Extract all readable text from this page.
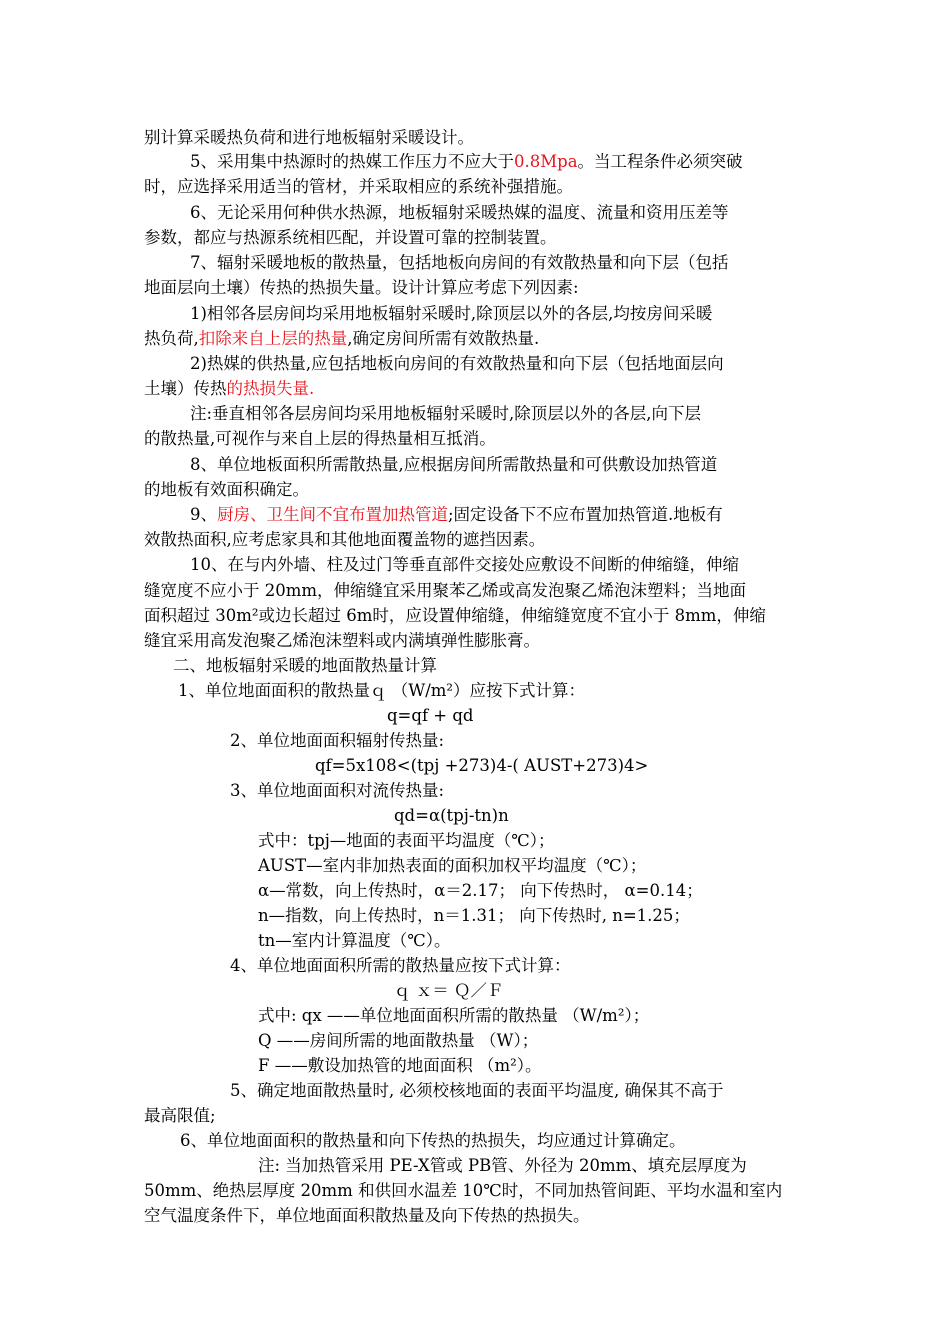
别计算采暖热负荷和进行地板辐射采暖设计。
5、采用集中热源时的热媒工作压力不应大于0.8Mpa。当工程条件必须突破
时，应选择采用适当的管材，并采取相应的系统补强措施。
6、无论采用何种供水热源，地板辐射采暖热媒的温度、流量和资用压差等
参数，都应与热源系统相匹配，并设置可靠的控制装置。
7、辐射采暖地板的散热量，包括地板向房间的有效散热量和向下层（包括
地面层向土壤）传热的热损失量。设计计算应考虑下列因素:
1)相邻各层房间均采用地板辐射采暖时,除顶层以外的各层,均按房间采暖
热负荷,扣除来自上层的热量,确定房间所需有效散热量.
2)热媒的供热量,应包括地板向房间的有效散热量和向下层（包括地面层向
土壤）传热的热损失量.
注:垂直相邻各层房间均采用地板辐射采暖时,除顶层以外的各层,向下层
的散热量,可视作与来自上层的得热量相互抵消。
8、单位地板面积所需散热量,应根据房间所需散热量和可供敷设加热管道
的地板有效面积确定。
9、厨房、卫生间不宜布置加热管道;固定设备下不应布置加热管道.地板有
效散热面积,应考虑家具和其他地面覆盖物的遮挡因素。
10、在与内外墙、柱及过门等垂直部件交接处应敷设不间断的伸缩缝，伸缩
缝宽度不应小于 20mm，伸缩缝宜采用聚苯乙烯或高发泡聚乙烯泡沫塑料；当地面
面积超过 30m²或边长超过 6m时，应设置伸缩缝，伸缩缝宽度不宜小于 8mm，伸缩
缝宜采用高发泡聚乙烯泡沫塑料或内满填弹性膨胀膏。
二、地板辐射采暖的地面散热量计算
1、单位地面面积的散热量ｑ （W/m²）应按下式计算：
q=qf + qd
2、单位地面面积辐射传热量:
qf=5x108<(tpj +273)4-( AUST+273)4>
3、单位地面面积对流传热量:
qd=α(tpj-tn)n
式中：tpj—地面的表面平均温度（℃）；
AUST—室内非加热表面的面积加权平均温度（℃）；
α—常数，向上传热时，α＝2.17； 向下传热时， α=0.14；
n—指数，向上传热时，n＝1.31； 向下传热时, n=1.25；
tn—室内计算温度（℃）。
4、单位地面面积所需的散热量应按下式计算：
ｑ ｘ＝ Ｑ／Ｆ
式中: qx ——单位地面面积所需的散热量 （W/m²）；
Q ——房间所需的地面散热量 （W）；
F ——敷设加热管的地面面积 （m²）。
5、确定地面散热量时, 必须校核地面的表面平均温度, 确保其不高于
最高限值;
6、单位地面面积的散热量和向下传热的热损失，均应通过计算确定。
注: 当加热管采用 PE-X管或 PB管、外径为 20mm、填充层厚度为
50mm、绝热层厚度 20mm 和供回水温差 10℃时，不同加热管间距、平均水温和室内
空气温度条件下，单位地面面积散热量及向下传热的热损失。
